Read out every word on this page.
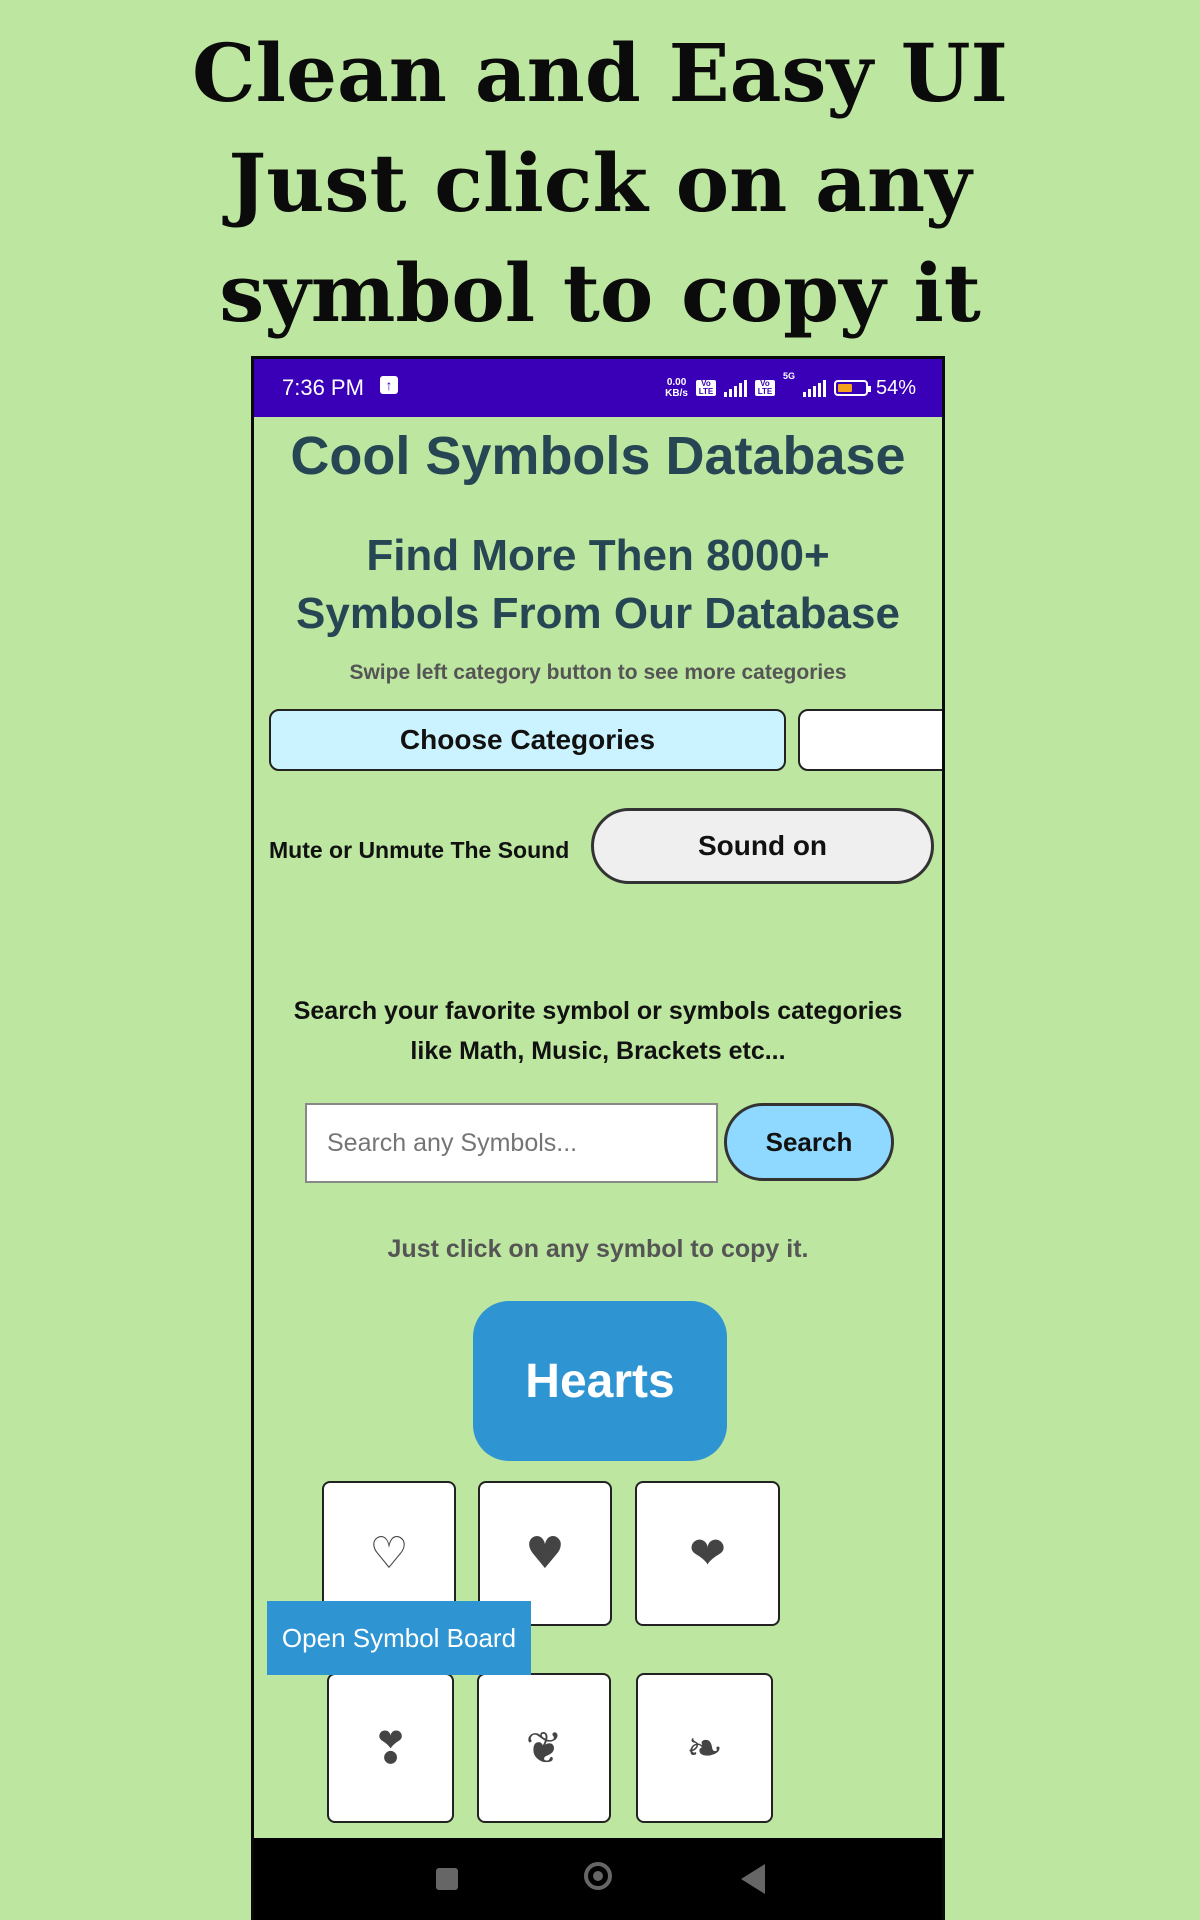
Clean and Easy UI
Just click on any
symbol to copy it
7:36 PM	↑	0.00
KB/s
Vo LTE
Vo LTE
5G
54%
Cool Symbols Database
Find More Then 8000+
Symbols From Our Database
Swipe left category button to see more categories
Choose Categories
Mute or Unmute The Sound	Sound on
Search your favorite symbol or symbols categories
like Math, Music, Brackets etc...
Search any Symbols...
Search
Just click on any symbol to copy it.
Hearts
♡	♥	❤
❣	❦	❧
Open Symbol Board
